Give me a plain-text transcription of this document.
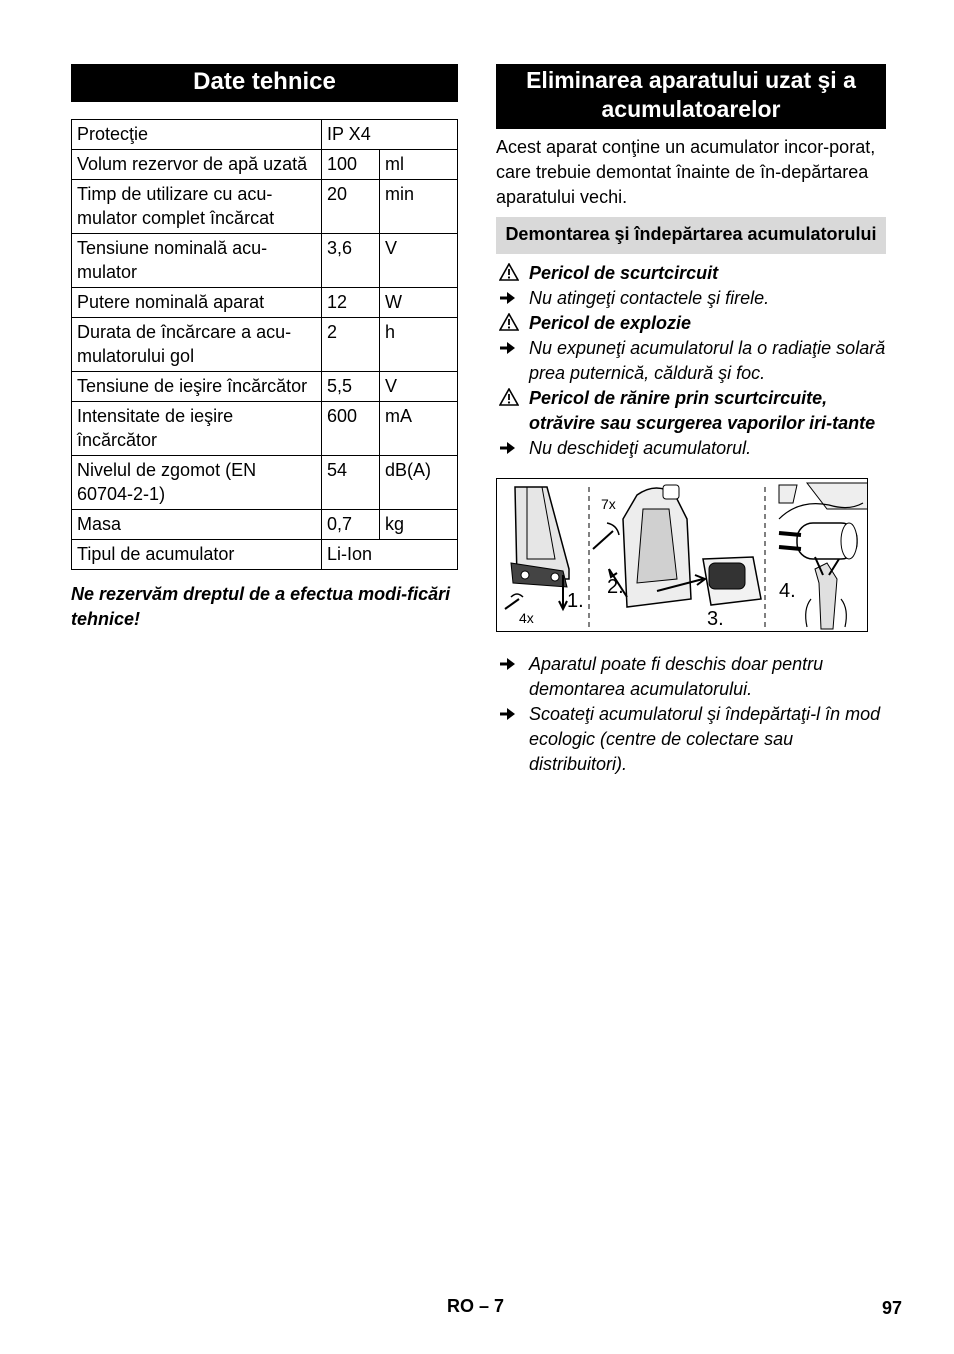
Date tehnice
Protecţie	IP X4	
Volum rezervor de apă uzată	100	ml
Timp de utilizare cu acu-mulator complet încărcat	20	min
Tensiune nominală acu-mulator	3,6	V
Putere nominală aparat	12	W
Durata de încărcare a acu-mulatorului gol	2	h
Tensiune de ieşire încărcător	5,5	V
Intensitate de ieşire încărcător	600	mA
Nivelul de zgomot (EN 60704-2-1)	54	dB(A)
Masa	0,7	kg
Tipul de acumulator	Li-Ion	
Ne rezervăm dreptul de a efectua modi-ficări tehnice!
Eliminarea aparatului uzat şi a acumulatoarelor
Acest aparat conţine un acumulator incor-porat, care trebuie demontat înainte de în-depărtarea aparatului vechi.
Demontarea şi îndepărtarea acumulatorului
Pericol de scurtcircuit
Nu atingeţi contactele şi firele.
Pericol de explozie
Nu expuneţi acumulatorul la o radiaţie solară prea puternică, căldură şi foc.
Pericol de rănire prin scurtcircuite, otrăvire sau scurgerea vaporilor iri-tante
Nu deschideţi acumulatorul.
1.
2.
3.
4.
4x
7x
Aparatul poate fi deschis doar pentru demontarea acumulatorului.
Scoateţi acumulatorul şi îndepărtaţi-l în mod ecologic (centre de colectare sau distribuitori).
RO – 7	97
